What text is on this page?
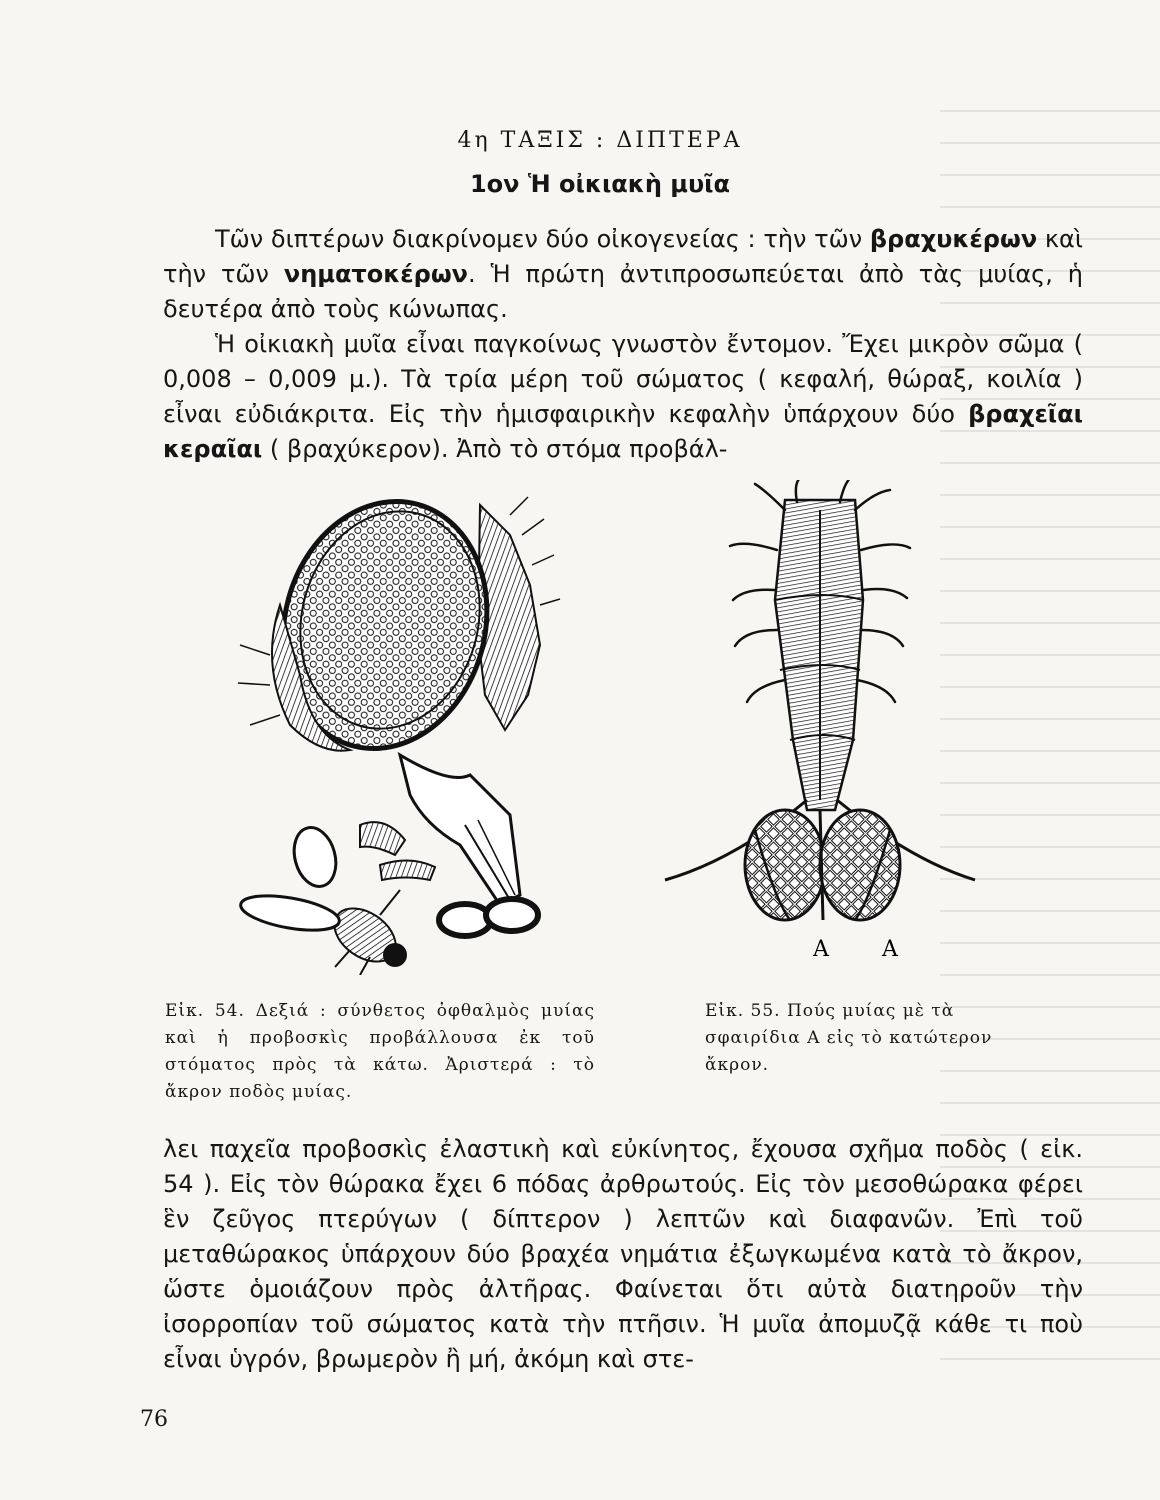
4η ΤΑΞΙΣ : ΔΙΠΤΕΡΑ
1ον Ἡ οἰκιακὴ μυῖα
Τῶν διπτέρων διακρίνομεν δύο οἰκογενείας : τὴν τῶν βραχυκέρων καὶ τὴν τῶν νηματοκέρων. Ἡ πρώτη ἀντιπροσωπεύεται ἀπὸ τὰς μυίας, ἡ δευτέρα ἀπὸ τοὺς κώνωπας.
Ἡ οἰκιακὴ μυῖα εἶναι παγκοίνως γνωστὸν ἔντομον. Ἔχει μικρὸν σῶμα ( 0,008 – 0,009 μ.). Τὰ τρία μέρη τοῦ σώματος ( κεφαλή, θώραξ, κοιλία ) εἶναι εὐδιάκριτα. Εἰς τὴν ἡμισφαιρικὴν κεφαλὴν ὑπάρχουν δύο βραχεῖαι κεραῖαι ( βραχύκερον). Ἀπὸ τὸ στόμα προβάλ-
Α Α
Εἰκ. 54. Δεξιά : σύνθετος ὀφθαλμὸς μυίας καὶ ἡ προβοσκὶς προβάλλουσα ἐκ τοῦ στόματος πρὸς τὰ κάτω. Ἀριστερά : τὸ ἄκρον ποδὸς μυίας.
Εἰκ. 55. Πούς μυίας μὲ τὰ σφαιρίδια Α εἰς τὸ κατώτερον ἄκρον.
λει παχεῖα προβοσκὶς ἐλαστικὴ καὶ εὐκίνητος, ἔχουσα σχῆμα ποδὸς ( εἰκ. 54 ). Εἰς τὸν θώρακα ἔχει 6 πόδας ἀρθρωτούς. Εἰς τὸν μεσοθώρακα φέρει ἓν ζεῦγος πτερύγων ( δίπτερον ) λεπτῶν καὶ διαφανῶν. Ἐπὶ τοῦ μεταθώρακος ὑπάρχουν δύο βραχέα νημάτια ἐξωγκωμένα κατὰ τὸ ἄκρον, ὥστε ὁμοιάζουν πρὸς ἀλτῆρας. Φαίνεται ὅτι αὐτὰ διατηροῦν τὴν ἰσορροπίαν τοῦ σώματος κατὰ τὴν πτῆσιν. Ἡ μυῖα ἀπομυζᾷ κάθε τι ποὺ εἶναι ὑγρόν, βρωμερὸν ἢ μή, ἀκόμη καὶ στε-
76
